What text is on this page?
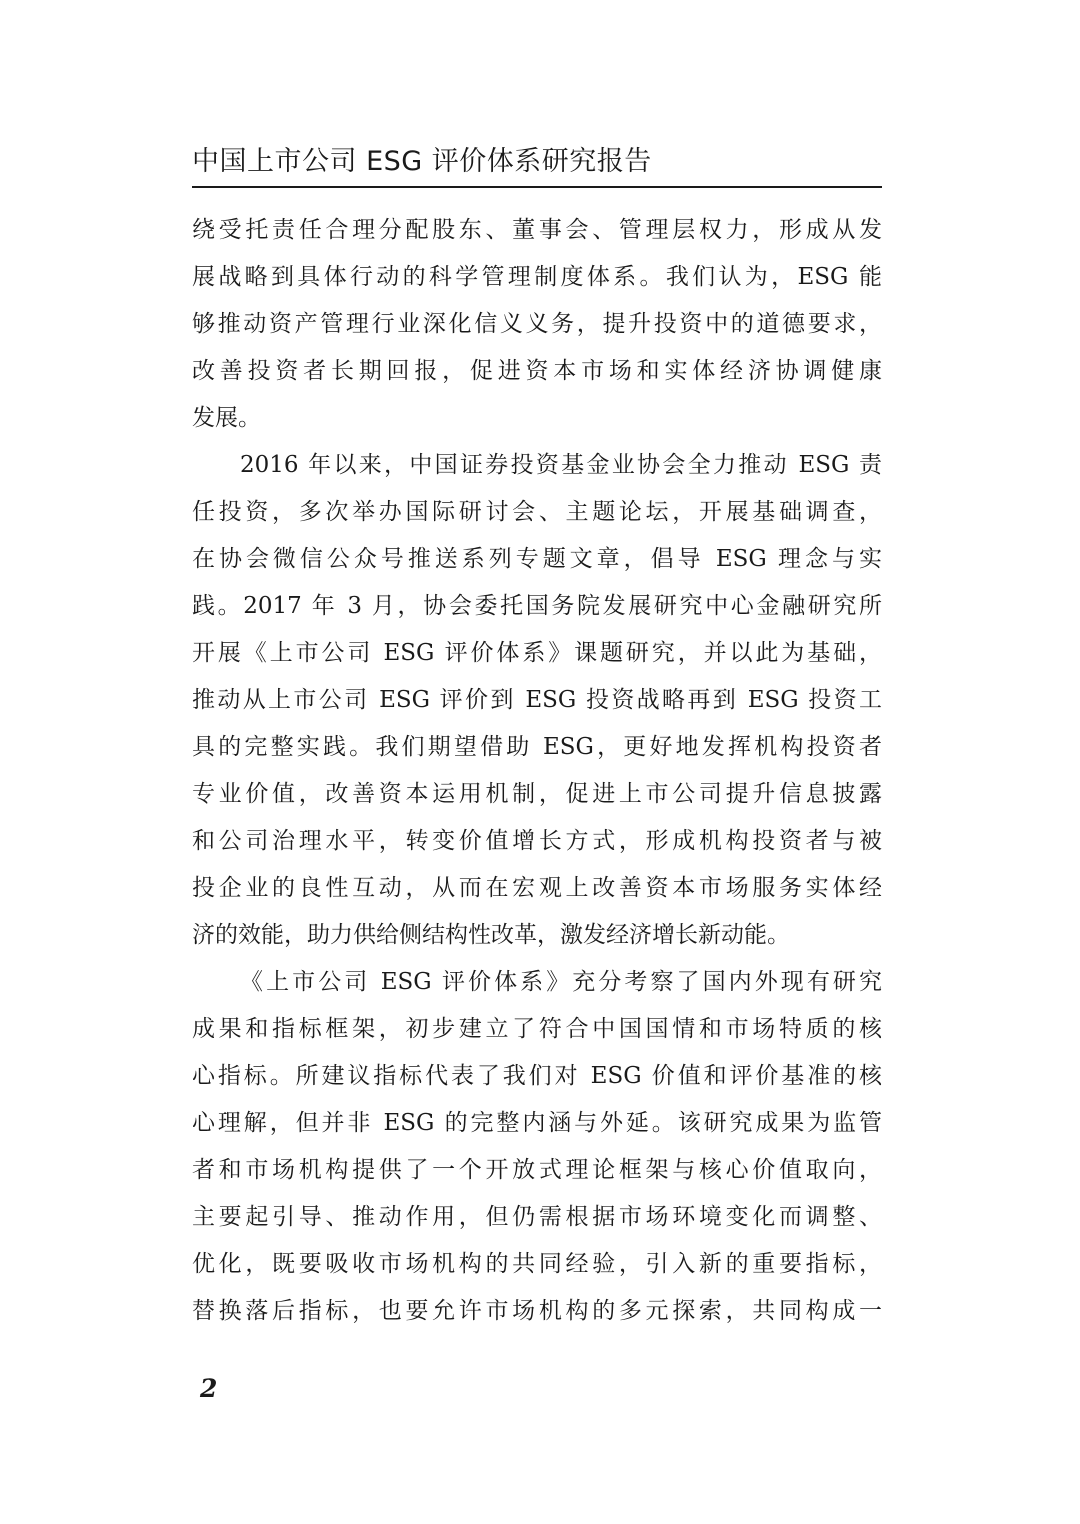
中国上市公司 ESG 评价体系研究报告
绕受托责任合理分配股东、董事会、管理层权力，形成从发
展战略到具体行动的科学管理制度体系。我们认为，ESG 能
够推动资产管理行业深化信义义务，提升投资中的道德要求，
改善投资者长期回报，促进资本市场和实体经济协调健康
发展。
2016 年以来，中国证券投资基金业协会全力推动 ESG 责
任投资，多次举办国际研讨会、主题论坛，开展基础调查，
在协会微信公众号推送系列专题文章，倡导 ESG 理念与实
践。2017 年 3 月，协会委托国务院发展研究中心金融研究所
开展《上市公司 ESG 评价体系》课题研究，并以此为基础，
推动从上市公司 ESG 评价到 ESG 投资战略再到 ESG 投资工
具的完整实践。我们期望借助 ESG，更好地发挥机构投资者
专业价值，改善资本运用机制，促进上市公司提升信息披露
和公司治理水平，转变价值增长方式，形成机构投资者与被
投企业的良性互动，从而在宏观上改善资本市场服务实体经
济的效能，助力供给侧结构性改革，激发经济增长新动能。
《上市公司 ESG 评价体系》充分考察了国内外现有研究
成果和指标框架，初步建立了符合中国国情和市场特质的核
心指标。所建议指标代表了我们对 ESG 价值和评价基准的核
心理解，但并非 ESG 的完整内涵与外延。该研究成果为监管
者和市场机构提供了一个开放式理论框架与核心价值取向，
主要起引导、推动作用，但仍需根据市场环境变化而调整、
优化，既要吸收市场机构的共同经验，引入新的重要指标，
替换落后指标，也要允许市场机构的多元探索，共同构成一
2
